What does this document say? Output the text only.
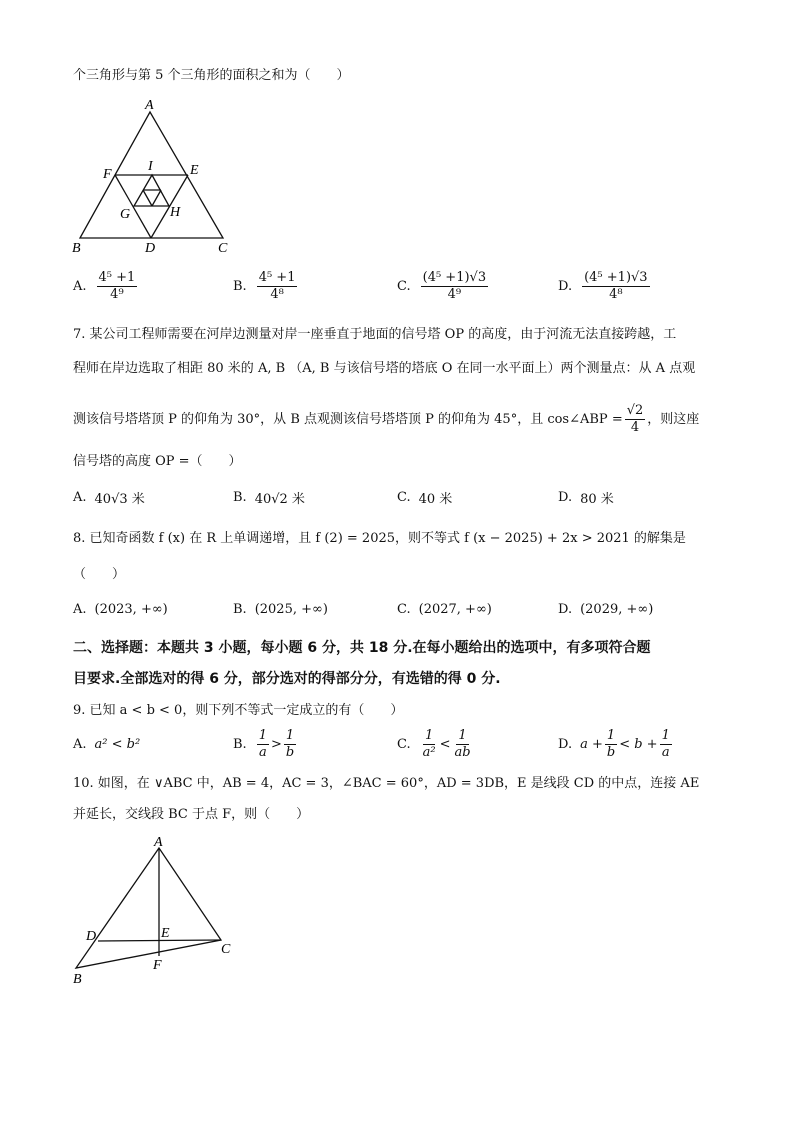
个三角形与第 5 个三角形的面积之和为（　　）
A
F
I	E
G	H
B	D	C
A. $\frac{\text{4⁵ +1}}{\text{4⁹}}$	B. $\frac{\text{4⁵ +1}}{\text{4⁸}}$	C. $\frac{\text{(4⁵ +1)√3}}{\text{4⁹}}$	D. $\frac{\text{(4⁵ +1)√3}}{\text{4⁸}}$
7. 某公司工程师需要在河岸边测量对岸一座垂直于地面的信号塔 OP 的高度，由于河流无法直接跨越，工
程师在岸边选取了相距 80 米的 A, B （A, B 与该信号塔的塔底 O 在同一水平面上）两个测量点：从 A 点观
测该信号塔塔顶 P 的仰角为 30°，从 B 点观测该信号塔塔顶 P 的仰角为 45°，且 cos∠ABP = $\frac{√2}{4}$ ，则这座
信号塔的高度 OP =（　　）
A. 40√3 米	B. 40√2 米	C. 40 米	D. 80 米
8. 已知奇函数 f (x) 在 R 上单调递增，且 f (2) = 2025，则不等式 f (x − 2025) + 2x > 2021 的解集是
（　　）
A. (2023, +∞)	B. (2025, +∞)	C. (2027, +∞)	D. (2029, +∞)
二、选择题：本题共 3 小题，每小题 6 分，共 18 分.在每小题给出的选项中，有多项符合题
目要求.全部选对的得 6 分，部分选对的得部分分，有选错的得 0 分.
9. 已知 a < b < 0，则下列不等式一定成立的有（　　）
A. a² < b²	B. $\frac{1}{a} > \frac{1}{b}$	C. $\frac{1}{\text{a²}} < \frac{1}{ab}$	D. $a + \frac{1}{b} < b + \frac{1}{a}$
10. 如图，在 ∨ABC 中，AB = 4，AC = 3，∠BAC = 60°，AD = 3DB，E 是线段 CD 的中点，连接 AE
并延长，交线段 BC 于点 F，则（　　）
A
D	E
C
F
B
